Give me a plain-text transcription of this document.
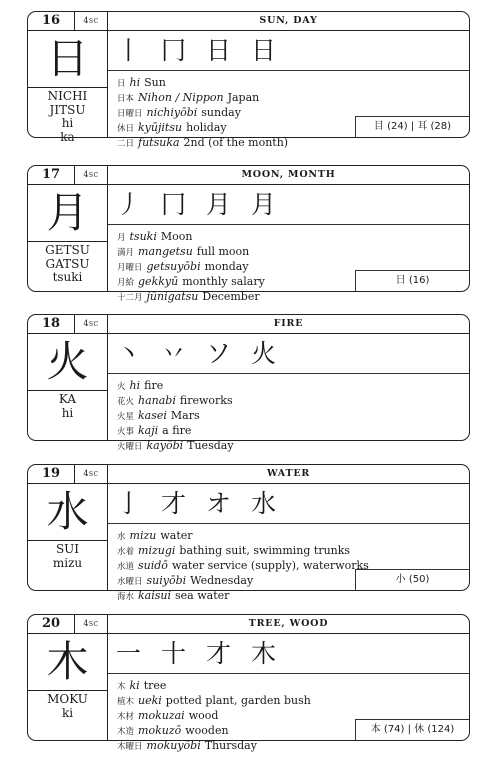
16	4sc
日
NICHI
JITSU
hi
ka
SUN, DAY
丨 冂 日 日
日 hi Sun
日本 Nihon / Nippon Japan
日曜日 nichiyōbi sunday
休日 kyūjitsu holiday
二日 futsuka 2nd (of the month)
目 (24) | 耳 (28)
17	4sc
月
GETSU
GATSU
tsuki
MOON, MONTH
丿 冂 月 月
月 tsuki Moon
満月 mangetsu full moon
月曜日 getsuyōbi monday
月給 gekkyū monthly salary
十二月 jūnigatsu December
日 (16)
18	4sc
火
KA
hi
FIRE
丶 丷 ソ 火
火 hi fire
花火 hanabi fireworks
火星 kasei Mars
火事 kaji a fire
火曜日 kayōbi Tuesday
19	4sc
水
SUI
mizu
WATER
亅 才 オ 水
水 mizu water
水着 mizugi bathing suit, swimming trunks
水道 suidō water service (supply), waterworks
水曜日 suiyōbi Wednesday
海水 kaisui sea water
小 (50)
20	4sc
木
MOKU
ki
TREE, WOOD
一 十 才 木
木 ki tree
植木 ueki potted plant, garden bush
木材 mokuzai wood
木造 mokuzō wooden
木曜日 mokuyōbi Thursday
本 (74) | 休 (124)
